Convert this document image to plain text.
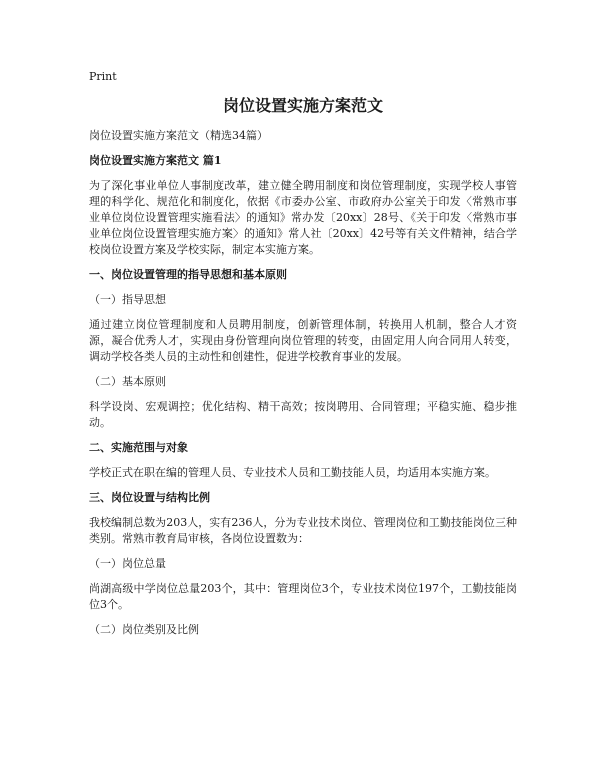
Print
岗位设置实施方案范文
岗位设置实施方案范文（精选34篇）
岗位设置实施方案范文 篇1
为了深化事业单位人事制度改革，建立健全聘用制度和岗位管理制度，实现学校人事管理的科学化、规范化和制度化，依据《市委办公室、市政府办公室关于印发〈常熟市事业单位岗位设置管理实施看法〉的通知》常办发〔20xx〕28号、《关于印发〈常熟市事业单位岗位设置管理实施方案〉的通知》常人社〔20xx〕42号等有关文件精神，结合学校岗位设置方案及学校实际，制定本实施方案。
一、岗位设置管理的指导思想和基本原则
（一）指导思想
通过建立岗位管理制度和人员聘用制度，创新管理体制，转换用人机制，整合人才资源，凝合优秀人才，实现由身份管理向岗位管理的转变，由固定用人向合同用人转变，调动学校各类人员的主动性和创建性，促进学校教育事业的发展。
（二）基本原则
科学设岗、宏观调控；优化结构、精干高效；按岗聘用、合同管理；平稳实施、稳步推动。
二、实施范围与对象
学校正式在职在编的管理人员、专业技术人员和工勤技能人员，均适用本实施方案。
三、岗位设置与结构比例
我校编制总数为203人，实有236人，分为专业技术岗位、管理岗位和工勤技能岗位三种类别。常熟市教育局审核，各岗位设置数为：
（一）岗位总量
尚湖高级中学岗位总量203个，其中：管理岗位3个，专业技术岗位197个，工勤技能岗位3个。
（二）岗位类别及比例
